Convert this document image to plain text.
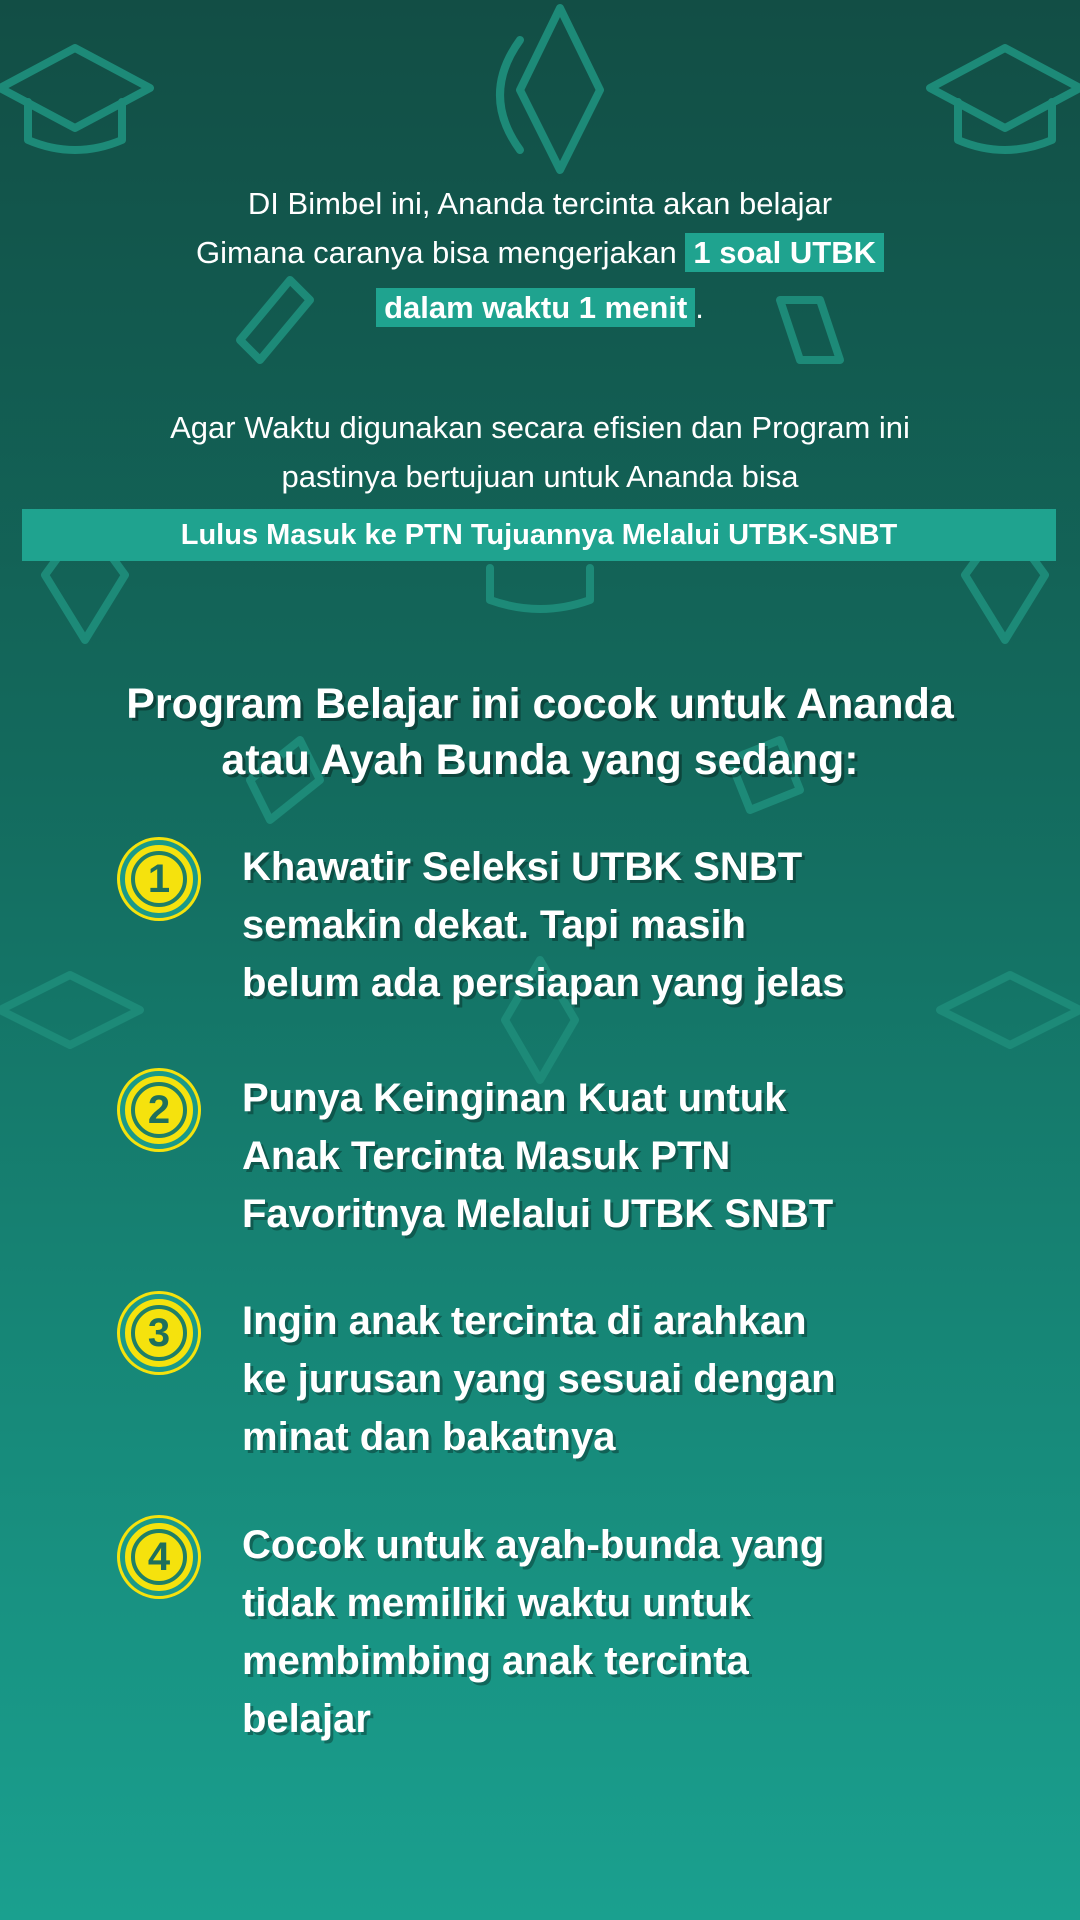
DI Bimbel ini, Ananda tercinta akan belajar
Gimana caranya bisa mengerjakan 1 soal UTBK
dalam waktu 1 menit .
Agar Waktu digunakan secara efisien dan Program ini
pastinya bertujuan untuk Ananda bisa
Lulus Masuk ke PTN Tujuannya Melalui UTBK-SNBT
Program Belajar ini cocok untuk Ananda
atau Ayah Bunda yang sedang:
1	Khawatir Seleksi UTBK SNBT
semakin dekat. Tapi masih
belum ada persiapan yang jelas
2	Punya Keinginan Kuat untuk
Anak Tercinta Masuk PTN
Favoritnya Melalui UTBK SNBT
3	Ingin anak tercinta di arahkan
ke jurusan yang sesuai dengan
minat dan bakatnya
4	Cocok untuk ayah-bunda yang
tidak memiliki waktu untuk
membimbing anak tercinta
belajar
